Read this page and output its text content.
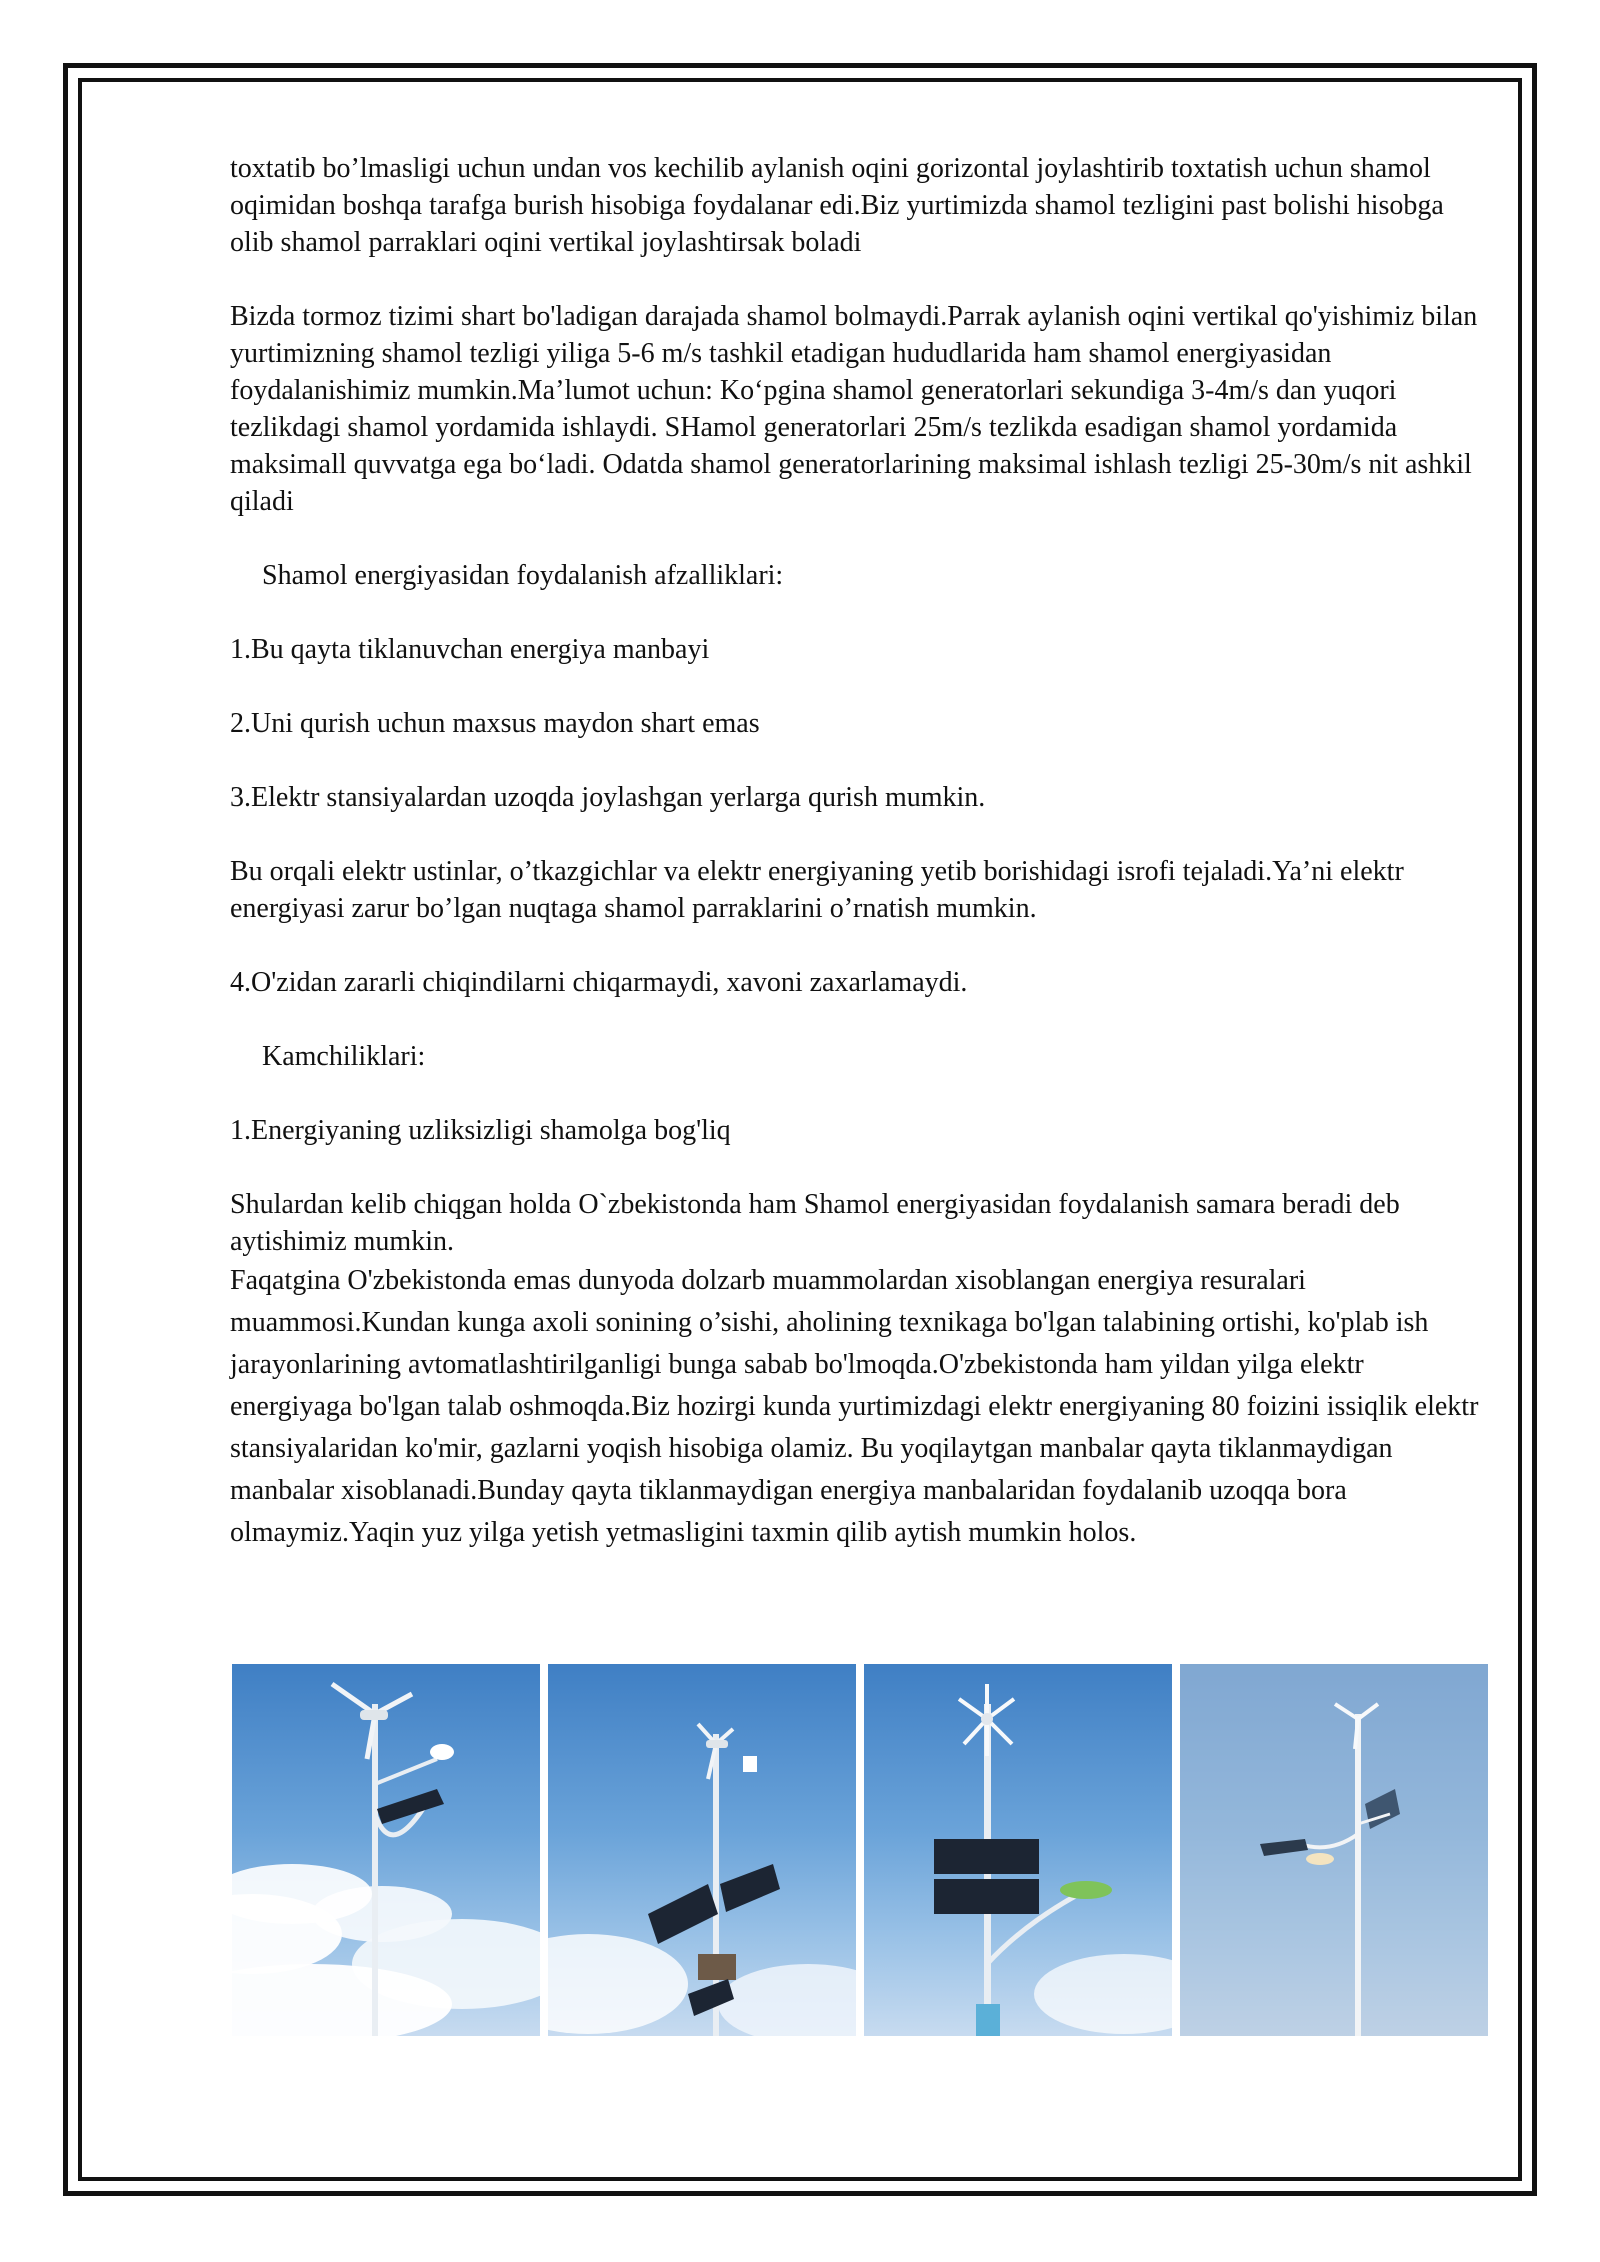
toxtatib bo’lmasligi uchun undan vos kechilib aylanish oqini gorizontal joylashtirib toxtatish uchun shamol oqimidan boshqa tarafga burish hisobiga foydalanar edi.Biz yurtimizda shamol tezligini past bolishi hisobga olib shamol parraklari oqini vertikal joylashtirsak boladi

Bizda tormoz tizimi shart bo'ladigan darajada shamol bolmaydi.Parrak aylanish oqini vertikal qo'yishimiz bilan yurtimizning shamol tezligi yiliga 5-6 m/s tashkil etadigan hududlarida ham shamol energiyasidan foydalanishimiz mumkin.Ma’lumot uchun: Ko‘pgina shamol generatorlari sekundiga 3-4m/s dan yuqori tezlikdagi shamol yordamida ishlaydi. SHamol generatorlari 25m/s tezlikda esadigan shamol yordamida maksimall quvvatga ega bo‘ladi. Odatda shamol generatorlarining maksimal ishlash tezligi 25-30m/s nit ashkil qiladi

Shamol energiyasidan foydalanish afzalliklari:

1.Bu qayta tiklanuvchan energiya manbayi

2.Uni qurish uchun maxsus maydon shart emas

3.Elektr stansiyalardan uzoqda joylashgan yerlarga qurish mumkin.

Bu orqali elektr ustinlar, o’tkazgichlar va elektr energiyaning yetib borishidagi isrofi tejaladi.Ya’ni elektr energiyasi zarur bo’lgan nuqtaga shamol parraklarini o’rnatish mumkin.

4.O'zidan zararli chiqindilarni chiqarmaydi, xavoni zaxarlamaydi.

Kamchiliklari:

1.Energiyaning uzliksizligi shamolga bog'liq

Shulardan kelib chiqgan holda O`zbekistonda ham Shamol energiyasidan foydalanish samara beradi deb aytishimiz mumkin.

Faqatgina O'zbekistonda emas dunyoda dolzarb muammolardan xisoblangan energiya resuralari muammosi.Kundan kunga axoli sonining o’sishi, aholining texnikaga bo'lgan talabining ortishi, ko'plab ish jarayonlarining avtomatlashtirilganligi bunga sabab bo'lmoqda.O'zbekistonda ham yildan yilga elektr energiyaga bo'lgan talab oshmoqda.Biz hozirgi kunda yurtimizdagi elektr energiyaning 80 foizini issiqlik elektr stansiyalaridan ko'mir, gazlarni yoqish hisobiga olamiz. Bu yoqilaytgan manbalar qayta tiklanmaydigan manbalar xisoblanadi.Bunday qayta tiklanmaydigan energiya manbalaridan foydalanib uzoqqa bora olmaymiz.Yaqin yuz yilga yetish yetmasligini taxmin qilib aytish mumkin holos.
